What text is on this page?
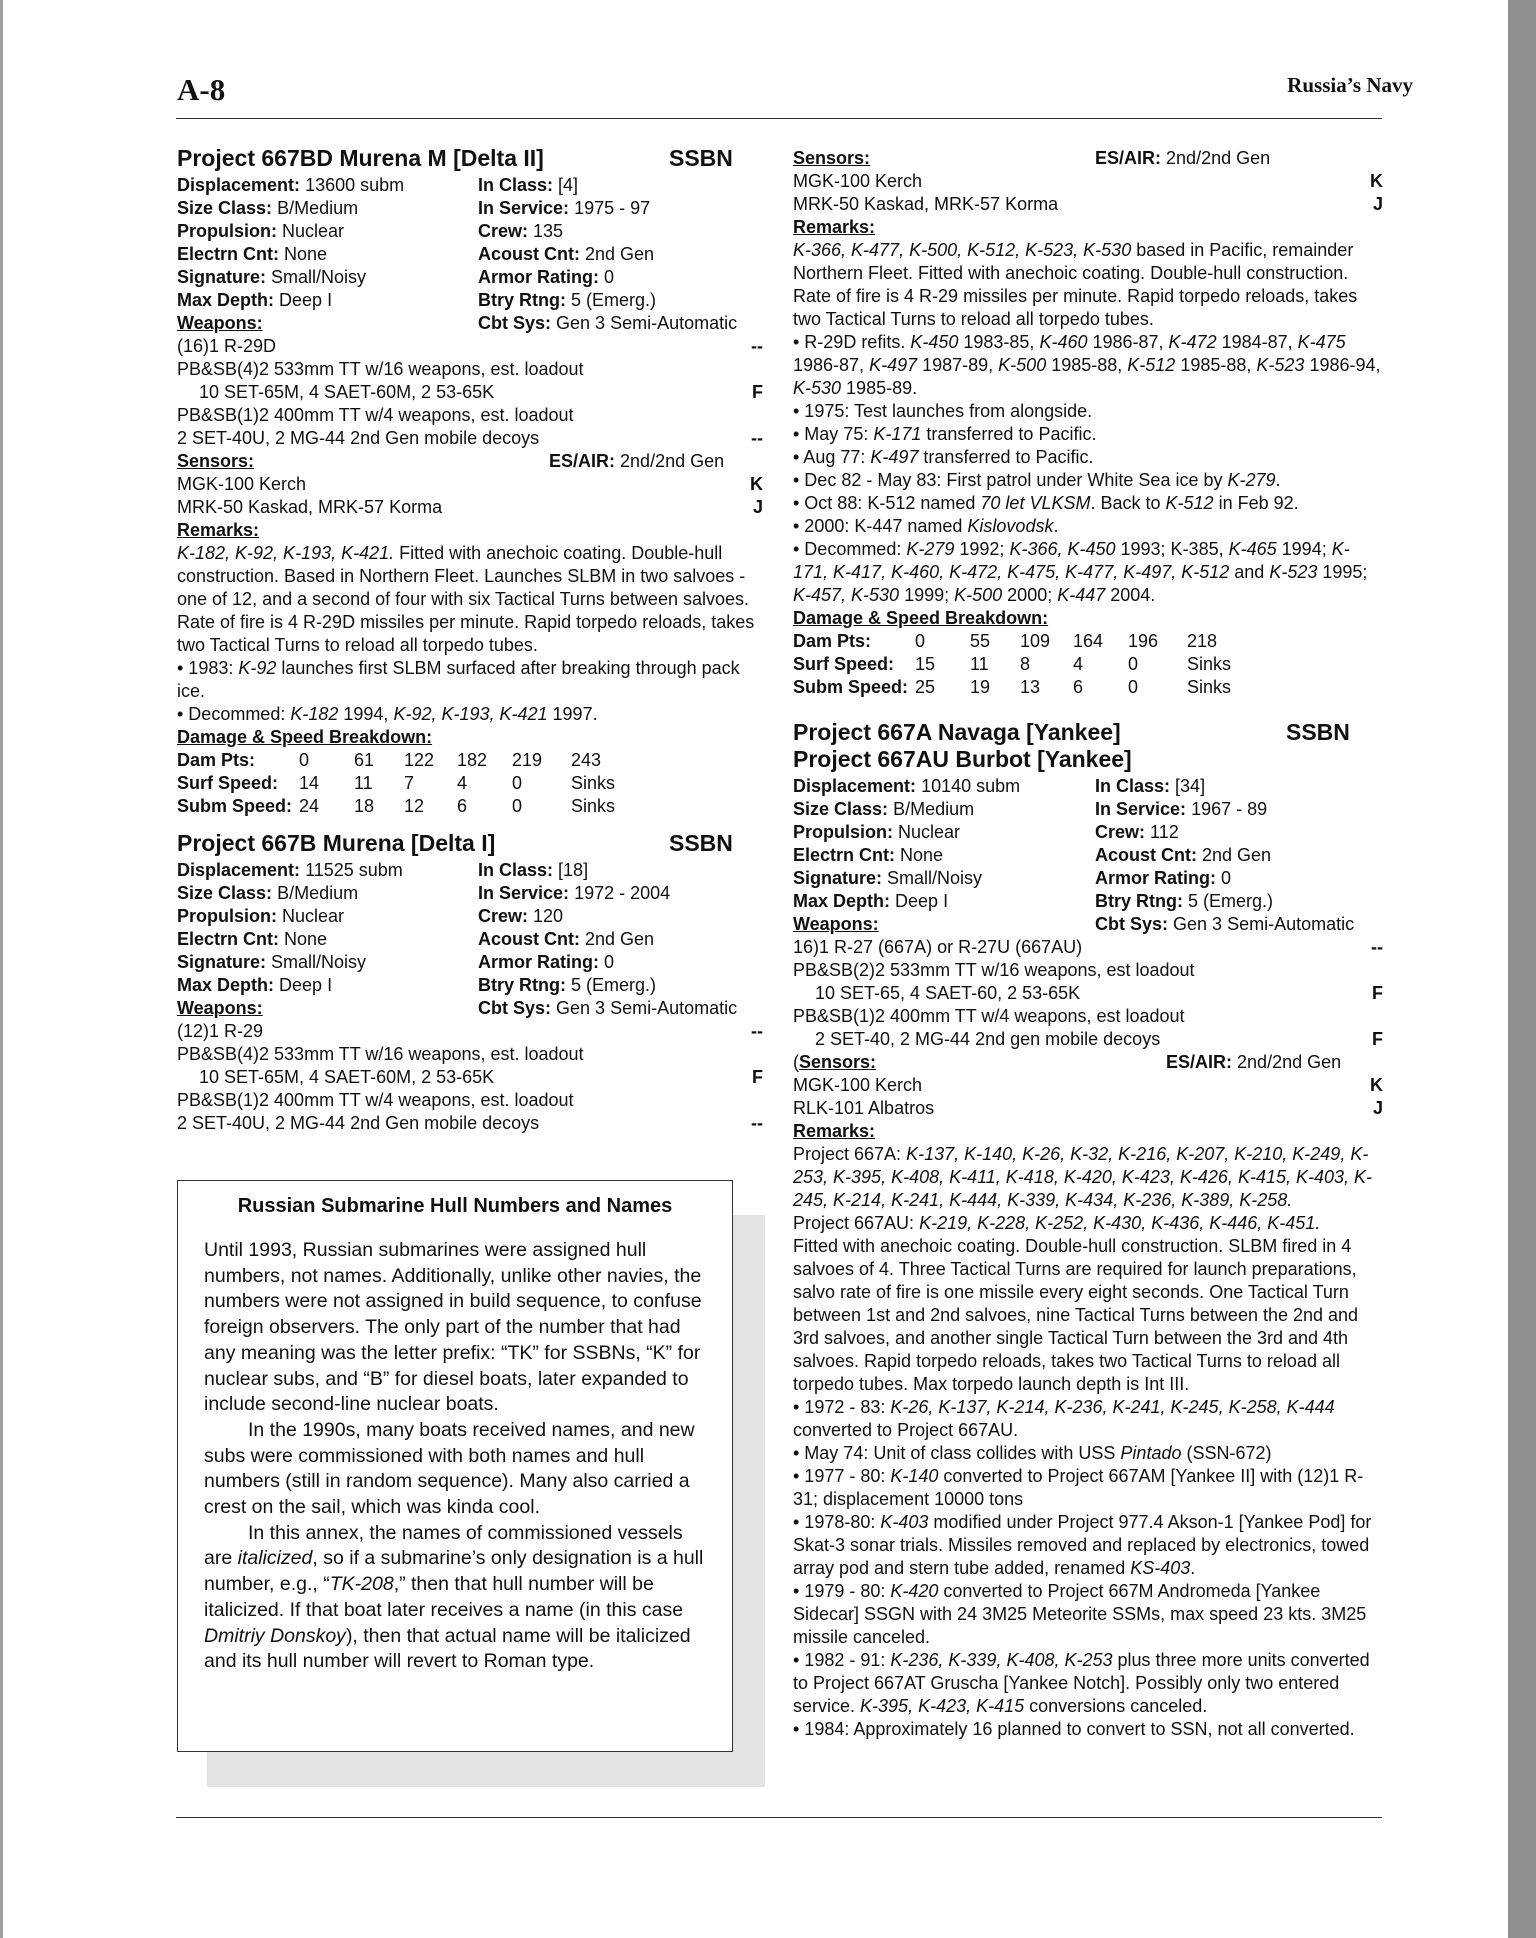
A-8	Russia’s Navy
Project 667BD Murena M [Delta II]	SSBN
Displacement: 13600 subm	In Class: [4]
Size Class: B/Medium	In Service: 1975 - 97
Propulsion: Nuclear	Crew: 135
Electrn Cnt: None	Acoust Cnt: 2nd Gen
Signature: Small/Noisy	Armor Rating: 0
Max Depth: Deep I	Btry Rtng: 5 (Emerg.)
Weapons:	Cbt Sys: Gen 3 Semi-Automatic
(16)1 R-29D	--
PB&SB(4)2 533mm TT w/16 weapons, est. loadout
10 SET-65M, 4 SAET-60M, 2 53-65K	F
PB&SB(1)2 400mm TT w/4 weapons, est. loadout
2 SET-40U, 2 MG-44 2nd Gen mobile decoys	--
Sensors:	ES/AIR: 2nd/2nd Gen
MGK-100 Kerch	K
MRK-50 Kaskad, MRK-57 Korma	J
Remarks:
K-182, K-92, K-193, K-421. Fitted with anechoic coating. Double-hull construction. Based in Northern Fleet. Launches SLBM in two salvoes - one of 12, and a second of four with six Tactical Turns between salvoes. Rate of fire is 4 R-29D missiles per minute. Rapid torpedo reloads, takes two Tactical Turns to reload all torpedo tubes.
• 1983: K-92 launches first SLBM surfaced after breaking through pack ice.
• Decommed: K-182 1994, K-92, K-193, K-421 1997.
Damage & Speed Breakdown:
Dam Pts: 0 61 122 182 219 243
Surf Speed: 14 11 7 4 0	Sinks
Subm Speed: 24 18 12 6 0	Sinks
Project 667B Murena [Delta I]	SSBN
Displacement: 11525 subm	In Class: [18]
Size Class: B/Medium	In Service: 1972 - 2004
Propulsion: Nuclear	Crew: 120
Electrn Cnt: None	Acoust Cnt: 2nd Gen
Signature: Small/Noisy	Armor Rating: 0
Max Depth: Deep I	Btry Rtng: 5 (Emerg.)
Weapons:	Cbt Sys: Gen 3 Semi-Automatic
(12)1 R-29	--
PB&SB(4)2 533mm TT w/16 weapons, est. loadout
10 SET-65M, 4 SAET-60M, 2 53-65K	F
PB&SB(1)2 400mm TT w/4 weapons, est. loadout
2 SET-40U, 2 MG-44 2nd Gen mobile decoys	--
Russian Submarine Hull Numbers and Names

Until 1993, Russian submarines were assigned hull numbers, not names. Additionally, unlike other navies, the numbers were not assigned in build sequence, to confuse foreign observers. The only part of the number that had any meaning was the letter prefix: “TK” for SSBNs, “K” for nuclear subs, and “B” for diesel boats, later expanded to include second-line nuclear boats.

In the 1990s, many boats received names, and new subs were commissioned with both names and hull numbers (still in random sequence). Many also carried a crest on the sail, which was kinda cool.

In this annex, the names of commissioned vessels are italicized, so if a submarine’s only designation is a hull number, e.g., “TK-208,” then that hull number will be italicized. If that boat later receives a name (in this case Dmitriy Donskoy), then that actual name will be italicized and its hull number will revert to Roman type.

Sensors:	ES/AIR: 2nd/2nd Gen
MGK-100 Kerch	K
MRK-50 Kaskad, MRK-57 Korma	J
Remarks:
K-366, K-477, K-500, K-512, K-523, K-530 based in Pacific, remainder Northern Fleet. Fitted with anechoic coating. Double-hull construction. Rate of fire is 4 R-29 missiles per minute. Rapid torpedo reloads, takes two Tactical Turns to reload all torpedo tubes.
• R-29D refits. K-450 1983-85, K-460 1986-87, K-472 1984-87, K-475 1986-87, K-497 1987-89, K-500 1985-88, K-512 1985-88, K-523 1986-94, K-530 1985-89.
• 1975: Test launches from alongside.
• May 75: K-171 transferred to Pacific.
• Aug 77: K-497 transferred to Pacific.
• Dec 82 - May 83: First patrol under White Sea ice by K-279.
• Oct 88: K-512 named 70 let VLKSM. Back to K-512 in Feb 92.
• 2000: K-447 named Kislovodsk.
• Decommed: K-279 1992; K-366, K-450 1993; K-385, K-465 1994; K-171, K-417, K-460, K-472, K-475, K-477, K-497, K-512 and K-523 1995; K-457, K-530 1999; K-500 2000; K-447 2004.
Damage & Speed Breakdown:
Dam Pts: 0 55 109 164 196 218
Surf Speed: 15 11 8 4 0	Sinks
Subm Speed: 25 19 13 6 0	Sinks
Project 667A Navaga [Yankee]	SSBN
Project 667AU Burbot [Yankee]
Displacement: 10140 subm	In Class: [34]
Size Class: B/Medium	In Service: 1967 - 89
Propulsion: Nuclear	Crew: 112
Electrn Cnt: None	Acoust Cnt: 2nd Gen
Signature: Small/Noisy	Armor Rating: 0
Max Depth: Deep I	Btry Rtng: 5 (Emerg.)
Weapons:	Cbt Sys: Gen 3 Semi-Automatic
16)1 R-27 (667A) or R-27U (667AU)	--
PB&SB(2)2 533mm TT w/16 weapons, est loadout
10 SET-65, 4 SAET-60, 2 53-65K	F
PB&SB(1)2 400mm TT w/4 weapons, est loadout
2 SET-40, 2 MG-44 2nd gen mobile decoys	F
(Sensors:	ES/AIR: 2nd/2nd Gen
MGK-100 Kerch	K
RLK-101 Albatros	J
Remarks:
Project 667A: K-137, K-140, K-26, K-32, K-216, K-207, K-210, K-249, K-253, K-395, K-408, K-411, K-418, K-420, K-423, K-426, K-415, K-403, K-245, K-214, K-241, K-444, K-339, K-434, K-236, K-389, K-258.
Project 667AU: K-219, K-228, K-252, K-430, K-436, K-446, K-451.
Fitted with anechoic coating. Double-hull construction. SLBM fired in 4 salvoes of 4. Three Tactical Turns are required for launch preparations, salvo rate of fire is one missile every eight seconds. One Tactical Turn between 1st and 2nd salvoes, nine Tactical Turns between the 2nd and 3rd salvoes, and another single Tactical Turn between the 3rd and 4th salvoes. Rapid torpedo reloads, takes two Tactical Turns to reload all torpedo tubes. Max torpedo launch depth is Int III.
• 1972 - 83: K-26, K-137, K-214, K-236, K-241, K-245, K-258, K-444 converted to Project 667AU.
• May 74: Unit of class collides with USS Pintado (SSN-672)
• 1977 - 80: K-140 converted to Project 667AM [Yankee II] with (12)1 R-31; displacement 10000 tons
• 1978-80: K-403 modified under Project 977.4 Akson-1 [Yankee Pod] for Skat-3 sonar trials. Missiles removed and replaced by electronics, towed array pod and stern tube added, renamed KS-403.
• 1979 - 80: K-420 converted to Project 667M Andromeda [Yankee Sidecar] SSGN with 24 3M25 Meteorite SSMs, max speed 23 kts. 3M25 missile canceled.
• 1982 - 91: K-236, K-339, K-408, K-253 plus three more units converted to Project 667AT Gruscha [Yankee Notch]. Possibly only two entered service. K-395, K-423, K-415 conversions canceled.
• 1984: Approximately 16 planned to convert to SSN, not all converted.
